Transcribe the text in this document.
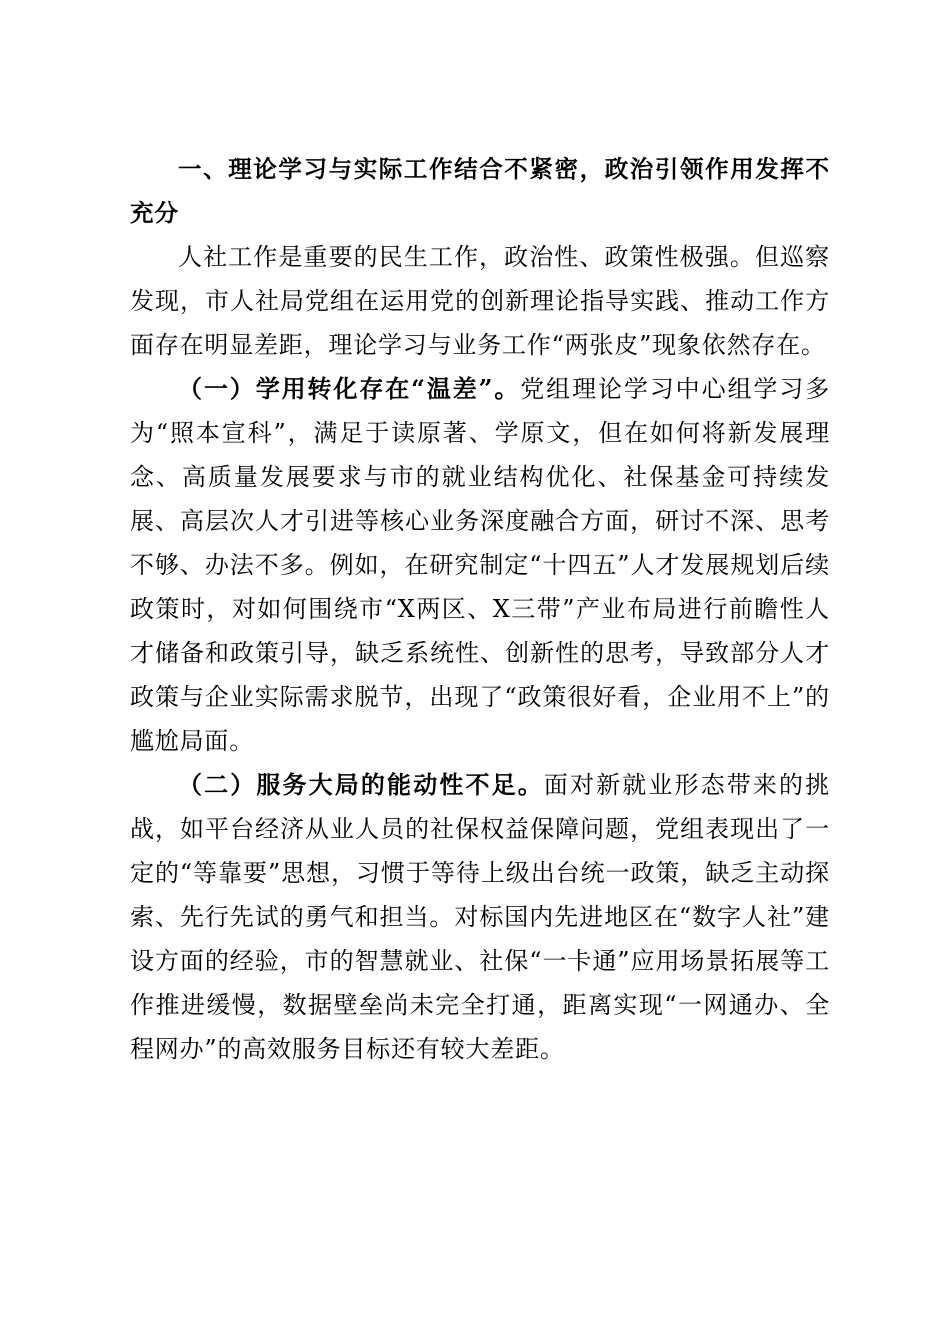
一、理论学习与实际工作结合不紧密，政治引领作用发挥不充分

人社工作是重要的民生工作，政治性、政策性极强。但巡察发现，市人社局党组在运用党的创新理论指导实践、推动工作方面存在明显差距，理论学习与业务工作“两张皮”现象依然存在。

（一）学用转化存在“温差”。党组理论学习中心组学习多为“照本宣科”，满足于读原著、学原文，但在如何将新发展理念、高质量发展要求与市的就业结构优化、社保基金可持续发展、高层次人才引进等核心业务深度融合方面，研讨不深、思考不够、办法不多。例如，在研究制定“十四五”人才发展规划后续政策时，对如何围绕市“X两区、X三带”产业布局进行前瞻性人才储备和政策引导，缺乏系统性、创新性的思考，导致部分人才政策与企业实际需求脱节，出现了“政策很好看，企业用不上”的尴尬局面。

（二）服务大局的能动性不足。面对新就业形态带来的挑战，如平台经济从业人员的社保权益保障问题，党组表现出了一定的“等靠要”思想，习惯于等待上级出台统一政策，缺乏主动探索、先行先试的勇气和担当。对标国内先进地区在“数字人社”建设方面的经验，市的智慧就业、社保“一卡通”应用场景拓展等工作推进缓慢，数据壁垒尚未完全打通，距离实现“一网通办、全程网办”的高效服务目标还有较大差距。
